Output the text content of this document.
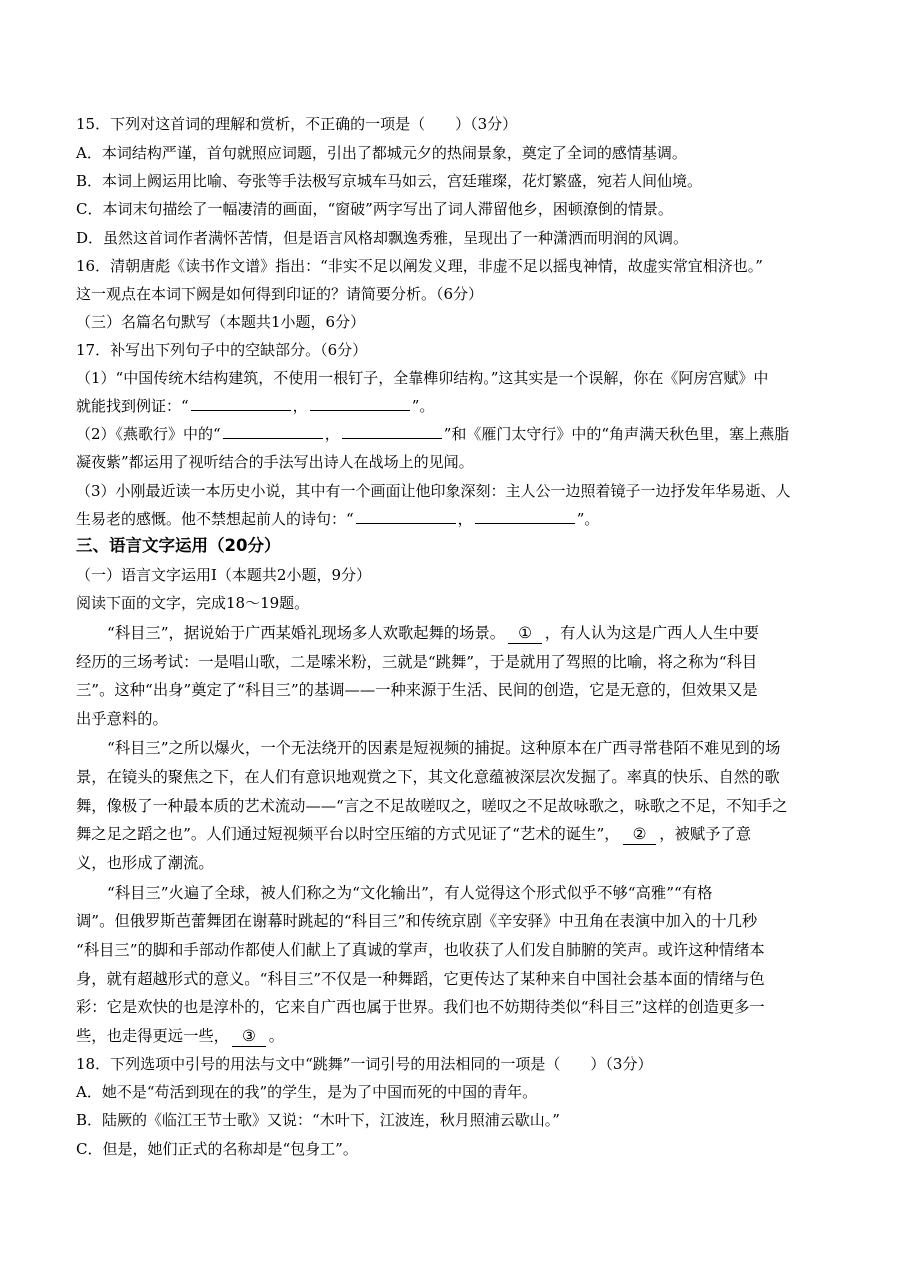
15．下列对这首词的理解和赏析，不正确的一项是（　　）（3分）
A．本词结构严谨，首句就照应词题，引出了都城元夕的热闹景象，奠定了全词的感情基调。
B．本词上阙运用比喻、夸张等手法极写京城车马如云，宫廷璀璨，花灯繁盛，宛若人间仙境。
C．本词末句描绘了一幅凄清的画面，“窗破”两字写出了词人滞留他乡，困顿潦倒的情景。
D．虽然这首词作者满怀苦情，但是语言风格却飘逸秀雅，呈现出了一种潇洒而明润的风调。
16．清朝唐彪《读书作文谱》指出：“非实不足以阐发义理，非虚不足以摇曳神情，故虚实常宜相济也。”
这一观点在本词下阙是如何得到印证的？请简要分析。（6分）
（三）名篇名句默写（本题共1小题，6分）
17．补写出下列句子中的空缺部分。（6分）
（1）“中国传统木结构建筑，不使用一根钉子，全靠榫卯结构。”这其实是一个误解，你在《阿房宫赋》中
就能找到例证：“	，	”。
（2）《燕歌行》中的“	，	”和《雁门太守行》中的“角声满天秋色里，塞上燕脂
凝夜紫”都运用了视听结合的手法写出诗人在战场上的见闻。
（3）小刚最近读一本历史小说，其中有一个画面让他印象深刻：主人公一边照着镜子一边抒发年华易逝、人
生易老的感慨。他不禁想起前人的诗句：“	，	”。
三、语言文字运用（20分）
（一）语言文字运用Ⅰ（本题共2小题，9分）
阅读下面的文字，完成18～19题。
“科目三”，据说始于广西某婚礼现场多人欢歌起舞的场景。 ① ，有人认为这是广西人人生中要
经历的三场考试：一是唱山歌，二是嗦米粉，三就是“跳舞”，于是就用了驾照的比喻，将之称为“科目
三”。这种“出身”奠定了“科目三”的基调——一种来源于生活、民间的创造，它是无意的，但效果又是
出乎意料的。
“科目三”之所以爆火，一个无法绕开的因素是短视频的捕捉。这种原本在广西寻常巷陌不难见到的场
景，在镜头的聚焦之下，在人们有意识地观赏之下，其文化意蕴被深层次发掘了。率真的快乐、自然的歌
舞，像极了一种最本质的艺术流动——“言之不足故嗟叹之，嗟叹之不足故咏歌之，咏歌之不足，不知手之
舞之足之蹈之也”。人们通过短视频平台以时空压缩的方式见证了“艺术的诞生”， ② ，被赋予了意
义，也形成了潮流。
“科目三”火遍了全球，被人们称之为“文化输出”，有人觉得这个形式似乎不够“高雅”“有格
调”。但俄罗斯芭蕾舞团在谢幕时跳起的“科目三”和传统京剧《辛安驿》中丑角在表演中加入的十几秒
“科目三”的脚和手部动作都使人们献上了真诚的掌声，也收获了人们发自肺腑的笑声。或许这种情绪本
身，就有超越形式的意义。“科目三”不仅是一种舞蹈，它更传达了某种来自中国社会基本面的情绪与色
彩：它是欢快的也是淳朴的，它来自广西也属于世界。我们也不妨期待类似“科目三”这样的创造更多一
些，也走得更远一些， ③ 。
18．下列选项中引号的用法与文中“跳舞”一词引号的用法相同的一项是（　　）（3分）
A．她不是“苟活到现在的我”的学生，是为了中国而死的中国的青年。
B．陆厥的《临江王节士歌》又说：“木叶下，江波连，秋月照浦云歇山。”
C．但是，她们正式的名称却是“包身工”。
